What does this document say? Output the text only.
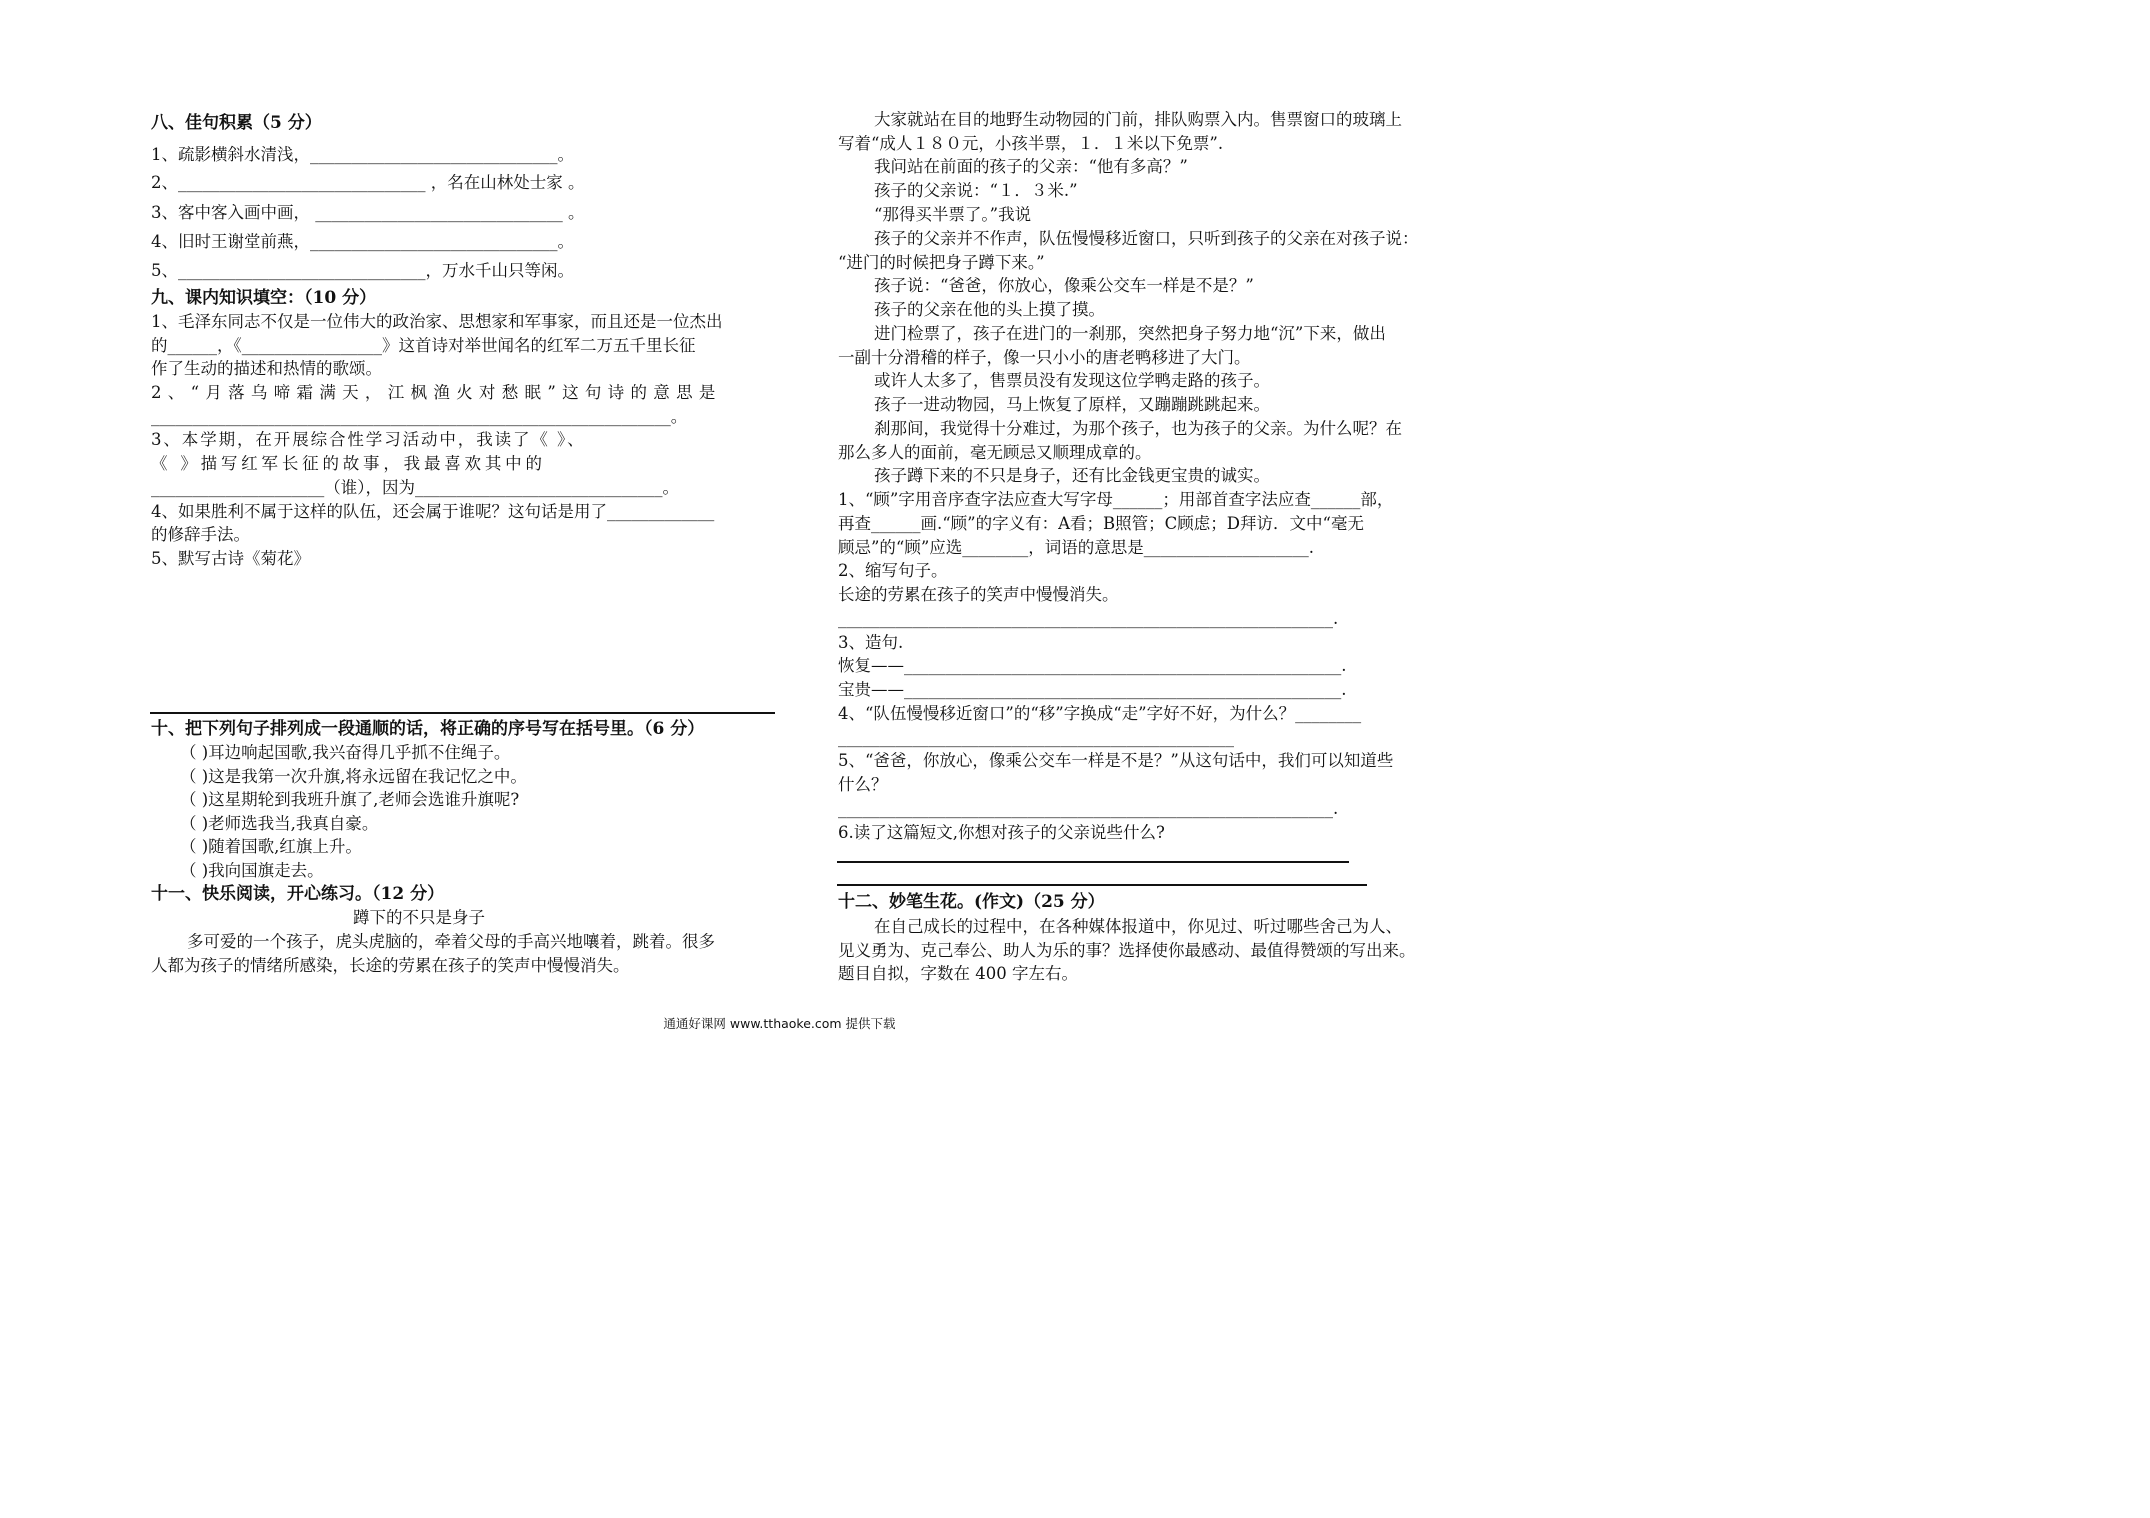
八、佳句积累（5 分）
1、疏影横斜水清浅，______________________________。
2、______________________________ ，名在山林处士家 。
3、客中客入画中画， ______________________________ 。
4、旧时王谢堂前燕，______________________________。
5、______________________________，万水千山只等闲。
九、课内知识填空：（10 分）
1、毛泽东同志不仅是一位伟大的政治家、思想家和军事家，而且还是一位杰出
的______，《_________________》这首诗对举世闻名的红军二万五千里长征
作了生动的描述和热情的歌颂。
2、“月落乌啼霜满天，江枫渔火对愁眠”这句诗的意思是
_______________________________________________________________。
3、本学期，在开展综合性学习活动中，我读了《 》、
《 》描写红军长征的故事，我最喜欢其中的
_____________________（谁），因为______________________________。
4、如果胜利不属于这样的队伍，还会属于谁呢？这句话是用了_____________
的修辞手法。
5、默写古诗《菊花》
十、把下列句子排列成一段通顺的话，将正确的序号写在括号里。（6 分）
（ )耳边响起国歌,我兴奋得几乎抓不住绳子。
（ )这是我第一次升旗,将永远留在我记忆之中。
（ )这星期轮到我班升旗了,老师会选谁升旗呢?
（ )老师选我当,我真自豪。
（ )随着国歌,红旗上升。
（ )我向国旗走去。
十一、快乐阅读，开心练习。（12 分）
蹲下的不只是身子
多可爱的一个孩子，虎头虎脑的，牵着父母的手高兴地嚷着，跳着。很多
人都为孩子的情绪所感染，长途的劳累在孩子的笑声中慢慢消失。
大家就站在目的地野生动物园的门前，排队购票入内。售票窗口的玻璃上
写着“成人１８０元，小孩半票，１．１米以下免票”.
我问站在前面的孩子的父亲：“他有多高？”
孩子的父亲说：“１．３米.”
“那得买半票了。”我说
孩子的父亲并不作声，队伍慢慢移近窗口，只听到孩子的父亲在对孩子说：
“进门的时候把身子蹲下来。”
孩子说：“爸爸，你放心，像乘公交车一样是不是？”
孩子的父亲在他的头上摸了摸。
进门检票了，孩子在进门的一刹那，突然把身子努力地“沉”下来，做出
一副十分滑稽的样子，像一只小小的唐老鸭移进了大门。
或许人太多了，售票员没有发现这位学鸭走路的孩子。
孩子一进动物园，马上恢复了原样，又蹦蹦跳跳起来。
刹那间，我觉得十分难过，为那个孩子，也为孩子的父亲。为什么呢？在
那么多人的面前，毫无顾忌又顺理成章的。
孩子蹲下来的不只是身子，还有比金钱更宝贵的诚实。
1、“顾”字用音序查字法应查大写字母______；用部首查字法应查______部，
再查______画.“顾”的字义有：A看；B照管；C顾虑；D拜访．文中“毫无
顾忌”的“顾”应选________，词语的意思是____________________.
2、缩写句子。
长途的劳累在孩子的笑声中慢慢消失。
____________________________________________________________.
3、造句.
恢复——_____________________________________________________.
宝贵——_____________________________________________________.
4、“队伍慢慢移近窗口”的“移”字换成“走”字好不好，为什么？________
________________________________________________
5、“爸爸，你放心，像乘公交车一样是不是？”从这句话中，我们可以知道些
什么？
____________________________________________________________.
6.读了这篇短文,你想对孩子的父亲说些什么?
十二、妙笔生花。(作文)（25 分）
在自己成长的过程中，在各种媒体报道中，你见过、听过哪些舍己为人、
见义勇为、克己奉公、助人为乐的事？选择使你最感动、最值得赞颂的写出来。
题目自拟，字数在 400 字左右。
通通好课网 www.tthaoke.com 提供下载
